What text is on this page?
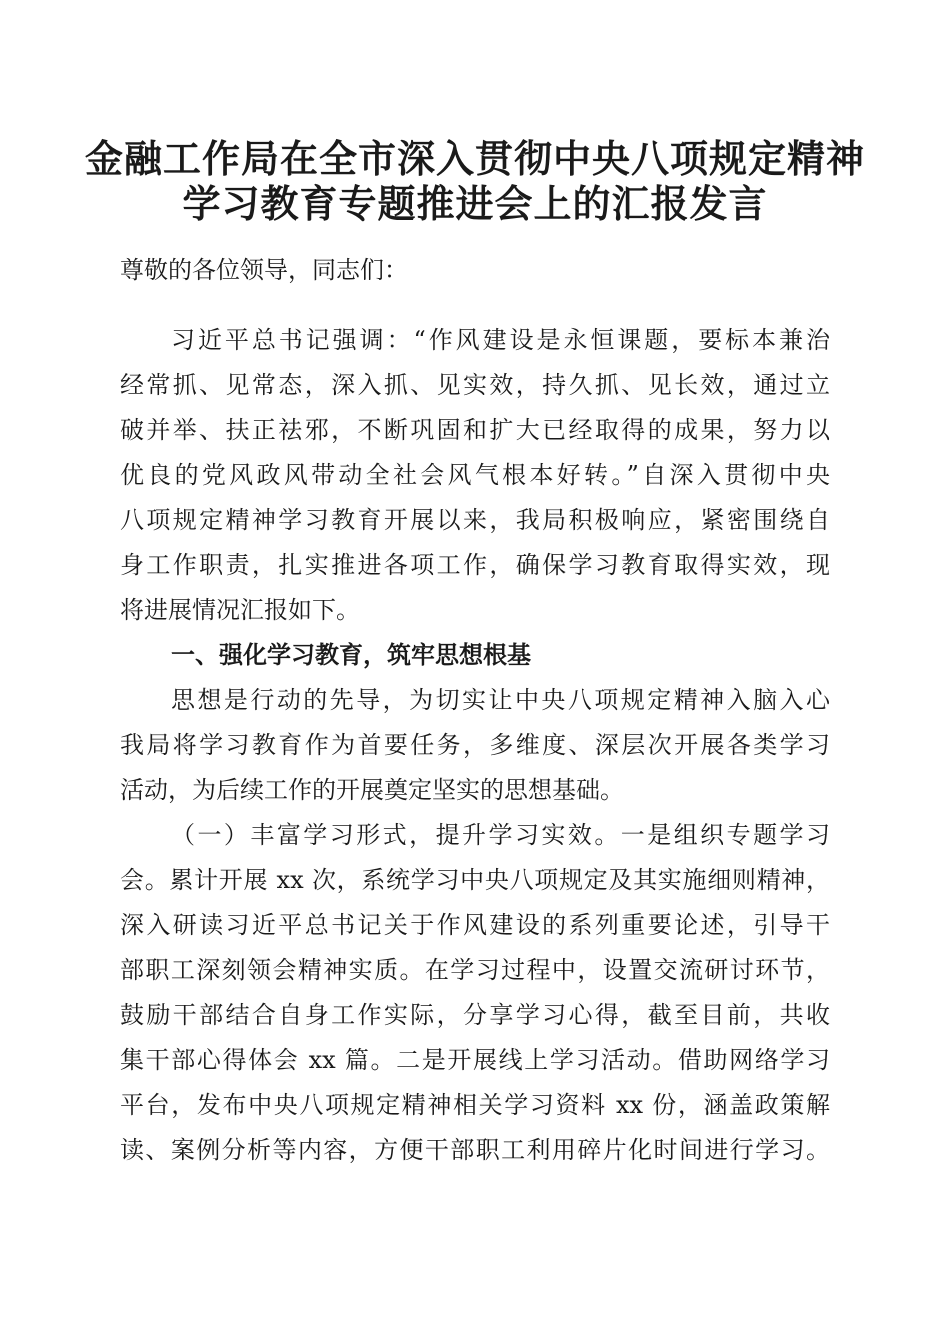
金融工作局在全市深入贯彻中央八项规定精神
学习教育专题推进会上的汇报发言
尊敬的各位领导，同志们：
习近平总书记强调：“作风建设是永恒课题，要标本兼治
经常抓、见常态，深入抓、见实效，持久抓、见长效，通过立
破并举、扶正祛邪，不断巩固和扩大已经取得的成果，努力以
优良的党风政风带动全社会风气根本好转。”自深入贯彻中央
八项规定精神学习教育开展以来，我局积极响应，紧密围绕自
身工作职责，扎实推进各项工作，确保学习教育取得实效，现
将进展情况汇报如下。
一、强化学习教育，筑牢思想根基
思想是行动的先导，为切实让中央八项规定精神入脑入心
我局将学习教育作为首要任务，多维度、深层次开展各类学习
活动，为后续工作的开展奠定坚实的思想基础。
（一）丰富学习形式，提升学习实效。一是组织专题学习
会。累计开展 xx 次，系统学习中央八项规定及其实施细则精神，
深入研读习近平总书记关于作风建设的系列重要论述，引导干
部职工深刻领会精神实质。在学习过程中，设置交流研讨环节，
鼓励干部结合自身工作实际，分享学习心得，截至目前，共收
集干部心得体会 xx 篇。二是开展线上学习活动。借助网络学习
平台，发布中央八项规定精神相关学习资料 xx 份，涵盖政策解
读、案例分析等内容，方便干部职工利用碎片化时间进行学习。
